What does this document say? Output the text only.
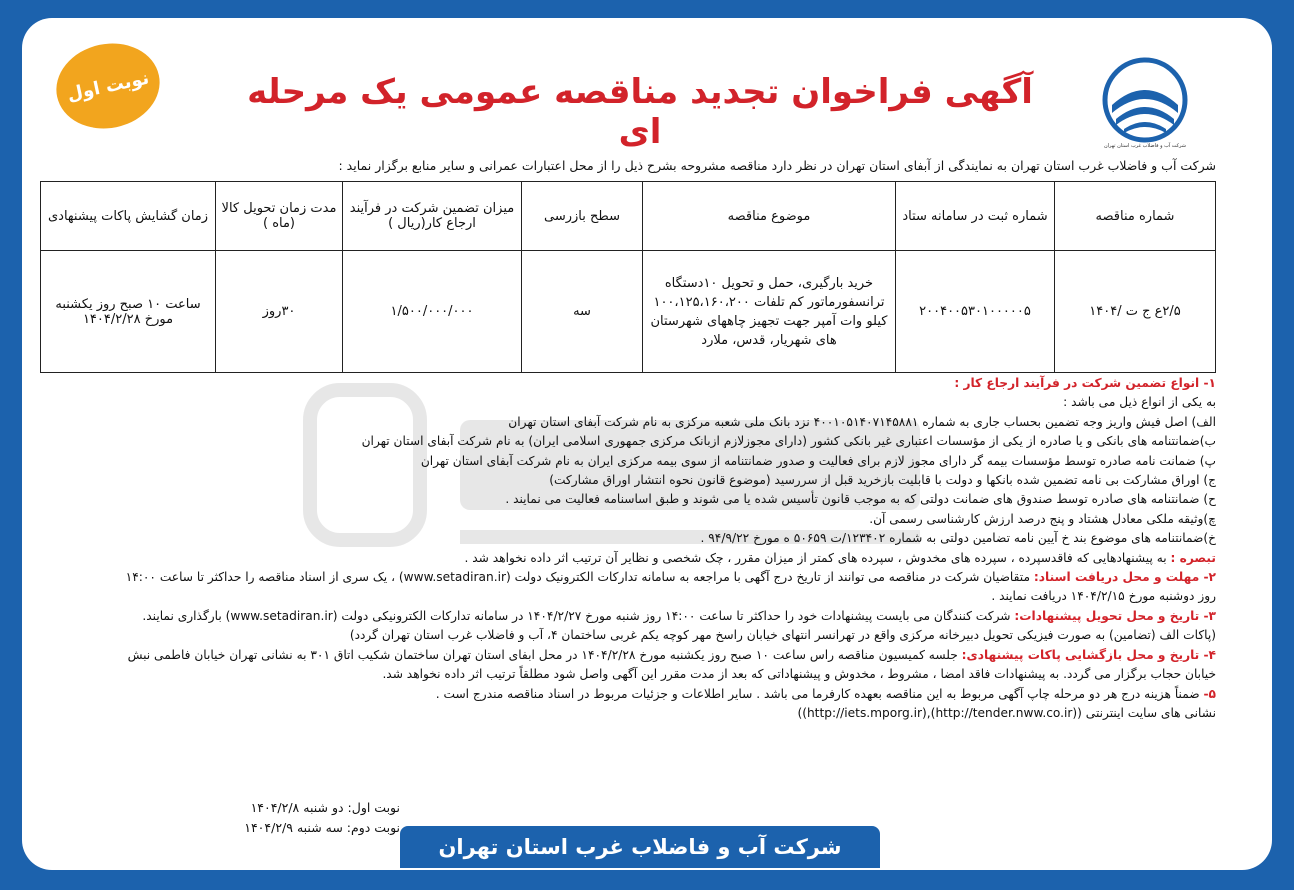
نوبت اول
شرکت آب و فاضلاب غرب استان تهران
آگهی فراخوان تجدید مناقصه عمومی یک مرحله ای
شرکت آب و فاضلاب غرب استان تهران به نمایندگی از آبفای استان تهران در نظر دارد مناقصه مشروحه بشرح ذیل را از محل اعتبارات عمرانی و سایر منابع برگزار نماید :
شماره مناقصه	شماره ثبت در سامانه ستاد	موضوع مناقصه	سطح بازرسی	میزان تضمین شرکت در فرآیند ارجاع کار(ریال )	مدت زمان تحویل کالا (ماه )	زمان گشایش پاکات پیشنهادی
۲/۵ع ج ت /۱۴۰۴	۲۰۰۴۰۰۵۳۰۱۰۰۰۰۰۵	خرید بارگیری، حمل و تحویل ۱۰دستگاه ترانسفورماتور کم تلفات ۱۰۰،۱۲۵،۱۶۰،۲۰۰ کیلو وات آمپر جهت تجهیز چاههای شهرستان های شهریار، قدس، ملارد	سه	۱/۵۰۰/۰۰۰/۰۰۰	۳۰روز	ساعت ۱۰ صبح روز یکشنبه مورخ ۱۴۰۴/۲/۲۸

۱- انواع تضمین شرکت در فرآیند ارجاع کار :

به یکی از انواع ذیل می باشد :

الف) اصل فیش واریز وجه تضمین بحساب جاری به شماره ۴۰۰۱۰۵۱۴۰۷۱۴۵۸۸۱ نزد بانک ملی شعبه مرکزی به نام شرکت آبفای استان تهران

ب)ضمانتنامه های بانکی و یا صادره از یکی از مؤسسات اعتباری غیر بانکی کشور (دارای مجوزلازم ازبانک مرکزی جمهوری اسلامی ایران) به نام شرکت آبفای استان تهران

پ) ضمانت نامه صادره توسط مؤسسات بیمه گر دارای مجوز لازم برای فعالیت و صدور ضمانتنامه از سوی بیمه مرکزی ایران به نام شرکت آبفای استان تهران

ج) اوراق مشارکت بی نامه تضمین شده بانکها و دولت با قابلیت بازخرید قبل از سررسید (موضوع قانون نحوه انتشار اوراق مشارکت)

ح) ضمانتنامه های صادره توسط صندوق های ضمانت دولتی که به موجب قانون تأسیس شده یا می شوند و طبق اساسنامه فعالیت می نمایند .

چ)وثیقه ملکی معادل هشتاد و پنج درصد ارزش کارشناسی رسمی آن.

خ)ضمانتنامه های موضوع بند خ آیین نامه تضامین دولتی به شماره ۱۲۳۴۰۲/ت ۵۰۶۵۹ ه مورخ ۹۴/۹/۲۲ .

تبصره : به پیشنهادهایی که فاقدسپرده ، سپرده های مخدوش ، سپرده های کمتر از میزان مقرر ، چک شخصی و نظایر آن ترتیب اثر داده نخواهد شد .

۲- مهلت و محل دریافت اسناد: متقاضیان شرکت در مناقصه می توانند از تاریخ درج آگهی با مراجعه به سامانه تدارکات الکترونیک دولت (www.setadiran.ir) ، یک سری از اسناد مناقصه را حداکثر تا ساعت ۱۴:۰۰

روز دوشنبه مورخ ۱۴۰۴/۲/۱۵ دریافت نمایند .

۳- تاریخ و محل تحویل پیشنهادات: شرکت کنندگان می بایست پیشنهادات خود را حداکثر تا ساعت ۱۴:۰۰ روز شنبه مورخ ۱۴۰۴/۲/۲۷ در سامانه تدارکات الکترونیکی دولت (www.setadiran.ir) بارگذاری نمایند.

(پاکات الف (تضامین) به صورت فیزیکی تحویل دبیرخانه مرکزی واقع در تهرانسر انتهای خیابان راسخ مهر کوچه یکم غربی ساختمان ۴، آب و فاضلاب غرب استان تهران گردد)

۴- تاریخ و محل بازگشایی پاکات پیشنهادی: جلسه کمیسیون مناقصه راس ساعت ۱۰ صبح روز یکشنبه مورخ ۱۴۰۴/۲/۲۸ در محل ابفای استان تهران ساختمان شکیب اتاق ۳۰۱ به نشانی تهران خیابان فاطمی نبش

خیابان حجاب برگزار می گردد. به پیشنهادات فاقد امضا ، مشروط ، مخدوش و پیشنهاداتی که بعد از مدت مقرر این آگهی واصل شود مطلقاً ترتیب اثر داده نخواهد شد.

۵- ضمناً هزینه درج هر دو مرحله چاپ آگهی مربوط به این مناقصه بعهده کارفرما می باشد . سایر اطلاعات و جزئیات مربوط در اسناد مناقصه مندرج است .

نشانی های سایت اینترنتی ((http://tender.nww.co.ir),(http://iets.mporg.ir))

نوبت اول: دو شنبه ۱۴۰۴/۲/۸
نوبت دوم: سه شنبه ۱۴۰۴/۲/۹
شرکت آب و فاضلاب غرب استان تهران
